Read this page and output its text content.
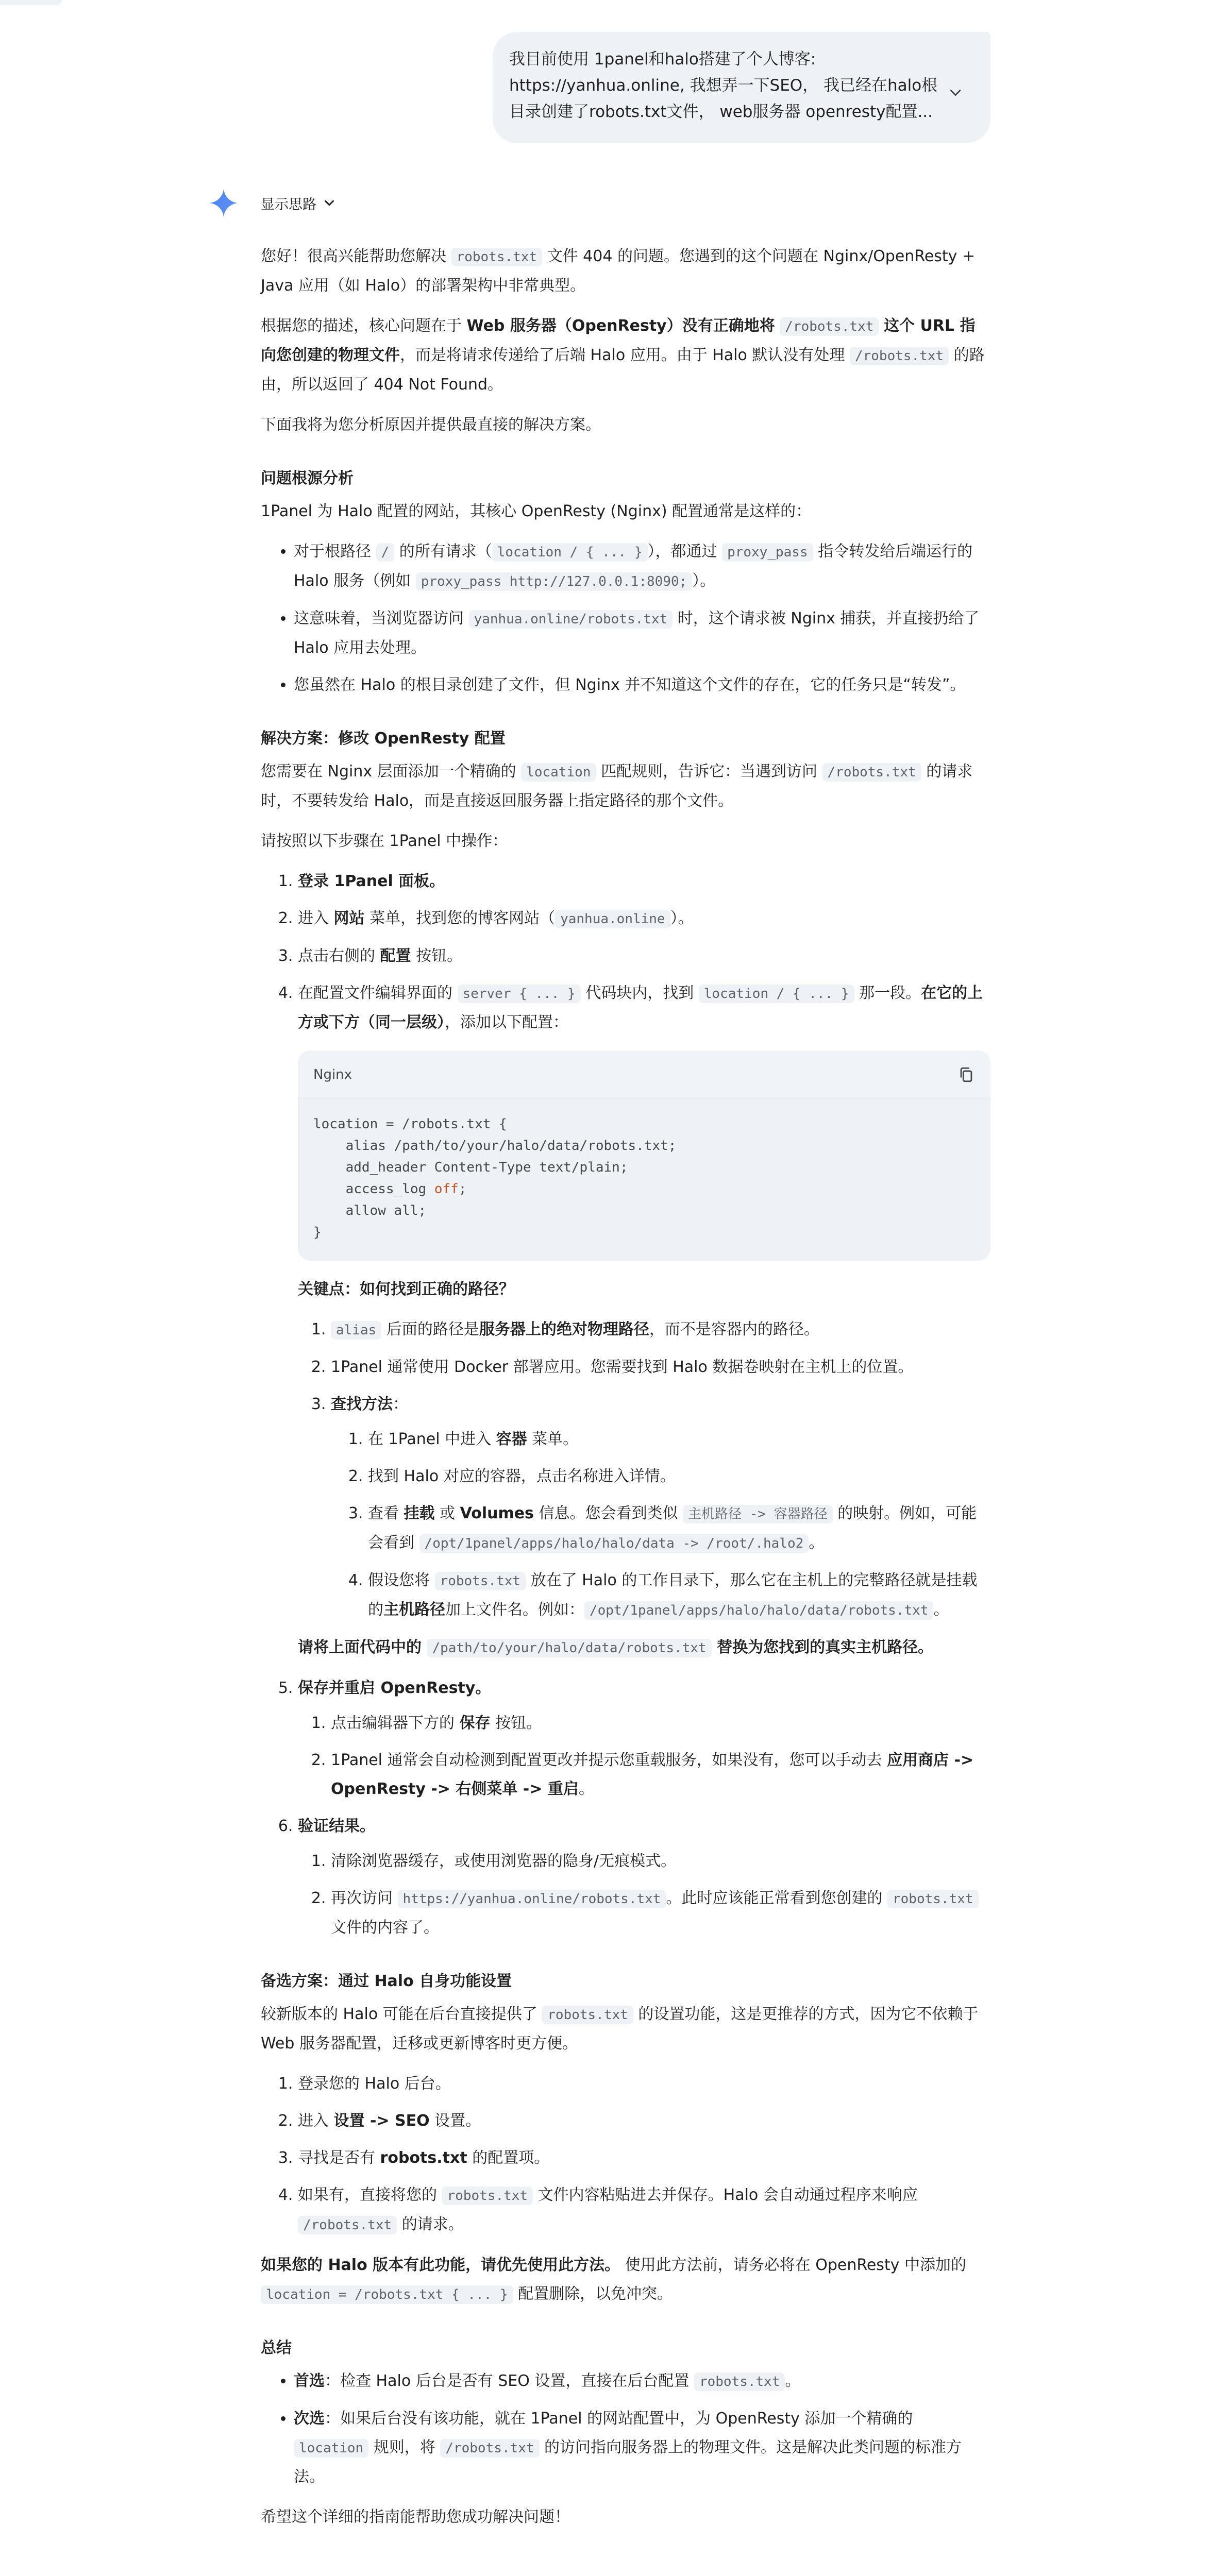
我目前使用 1panel和halo搭建了个人博客:
https://yanhua.online, 我想弄一下SEO， 我已经在halo根
目录创建了robots.txt文件， web服务器 openresty配置...
显示思路

您好！很高兴能帮助您解决 robots.txt 文件 404 的问题。您遇到的这个问题在 Nginx/OpenResty + Java 应用（如 Halo）的部署架构中非常典型。

根据您的描述，核心问题在于 Web 服务器（OpenResty）没有正确地将 /robots.txt 这个 URL 指向您创建的物理文件，而是将请求传递给了后端 Halo 应用。由于 Halo 默认没有处理 /robots.txt 的路由，所以返回了 404 Not Found。

下面我将为您分析原因并提供最直接的解决方案。

问题根源分析

1Panel 为 Halo 配置的网站，其核心 OpenResty (Nginx) 配置通常是这样的：

• 对于根路径 / 的所有请求（ location / { ... } ），都通过 proxy_pass 指令转发给后端运行的 Halo 服务（例如 proxy_pass http://127.0.0.1:8090; ）。
• 这意味着，当浏览器访问 yanhua.online/robots.txt 时，这个请求被 Nginx 捕获，并直接扔给了 Halo 应用去处理。
• 您虽然在 Halo 的根目录创建了文件，但 Nginx 并不知道这个文件的存在，它的任务只是“转发”。
解决方案：修改 OpenResty 配置

您需要在 Nginx 层面添加一个精确的 location 匹配规则，告诉它：当遇到访问 /robots.txt 的请求时，不要转发给 Halo，而是直接返回服务器上指定路径的那个文件。

请按照以下步骤在 1Panel 中操作：

1. 登录 1Panel 面板。
2. 进入 网站 菜单，找到您的博客网站（ yanhua.online ）。
3. 点击右侧的 配置 按钮。
4. 在配置文件编辑界面的 server { ... } 代码块内，找到 location / { ... } 那一段。在它的上方或下方（同一层级），添加以下配置：
Nginx
location = /robots.txt {
alias /path/to/your/halo/data/robots.txt;
add_header Content-Type text/plain;
access_log off;
allow all;
}

关键点：如何找到正确的路径？

1. alias 后面的路径是服务器上的绝对物理路径，而不是容器内的路径。
2. 1Panel 通常使用 Docker 部署应用。您需要找到 Halo 数据卷映射在主机上的位置。
3. 查找方法：
1. 在 1Panel 中进入 容器 菜单。
2. 找到 Halo 对应的容器，点击名称进入详情。
3. 查看 挂载 或 Volumes 信息。您会看到类似 主机路径 -> 容器路径 的映射。例如，可能会看到 /opt/1panel/apps/halo/halo/data -> /root/.halo2 。
4. 假设您将 robots.txt 放在了 Halo 的工作目录下，那么它在主机上的完整路径就是挂载的主机路径加上文件名。例如： /opt/1panel/apps/halo/halo/data/robots.txt 。

请将上面代码中的 /path/to/your/halo/data/robots.txt 替换为您找到的真实主机路径。

5. 保存并重启 OpenResty。
1. 点击编辑器下方的 保存 按钮。
2. 1Panel 通常会自动检测到配置更改并提示您重载服务，如果没有，您可以手动去 应用商店 -> OpenResty -> 右侧菜单 -> 重启。
6. 验证结果。
1. 清除浏览器缓存，或使用浏览器的隐身/无痕模式。
2. 再次访问 https://yanhua.online/robots.txt 。此时应该能正常看到您创建的 robots.txt 文件的内容了。
备选方案：通过 Halo 自身功能设置

较新版本的 Halo 可能在后台直接提供了 robots.txt 的设置功能，这是更推荐的方式，因为它不依赖于 Web 服务器配置，迁移或更新博客时更方便。

1. 登录您的 Halo 后台。
2. 进入 设置 -> SEO 设置。
3. 寻找是否有 robots.txt 的配置项。
4. 如果有，直接将您的 robots.txt 文件内容粘贴进去并保存。Halo 会自动通过程序来响应 /robots.txt 的请求。

如果您的 Halo 版本有此功能，请优先使用此方法。 使用此方法前，请务必将在 OpenResty 中添加的 location = /robots.txt { ... } 配置删除，以免冲突。

总结
• 首选：检查 Halo 后台是否有 SEO 设置，直接在后台配置 robots.txt 。
• 次选：如果后台没有该功能，就在 1Panel 的网站配置中，为 OpenResty 添加一个精确的 location 规则，将 /robots.txt 的访问指向服务器上的物理文件。这是解决此类问题的标准方法。

希望这个详细的指南能帮助您成功解决问题！
